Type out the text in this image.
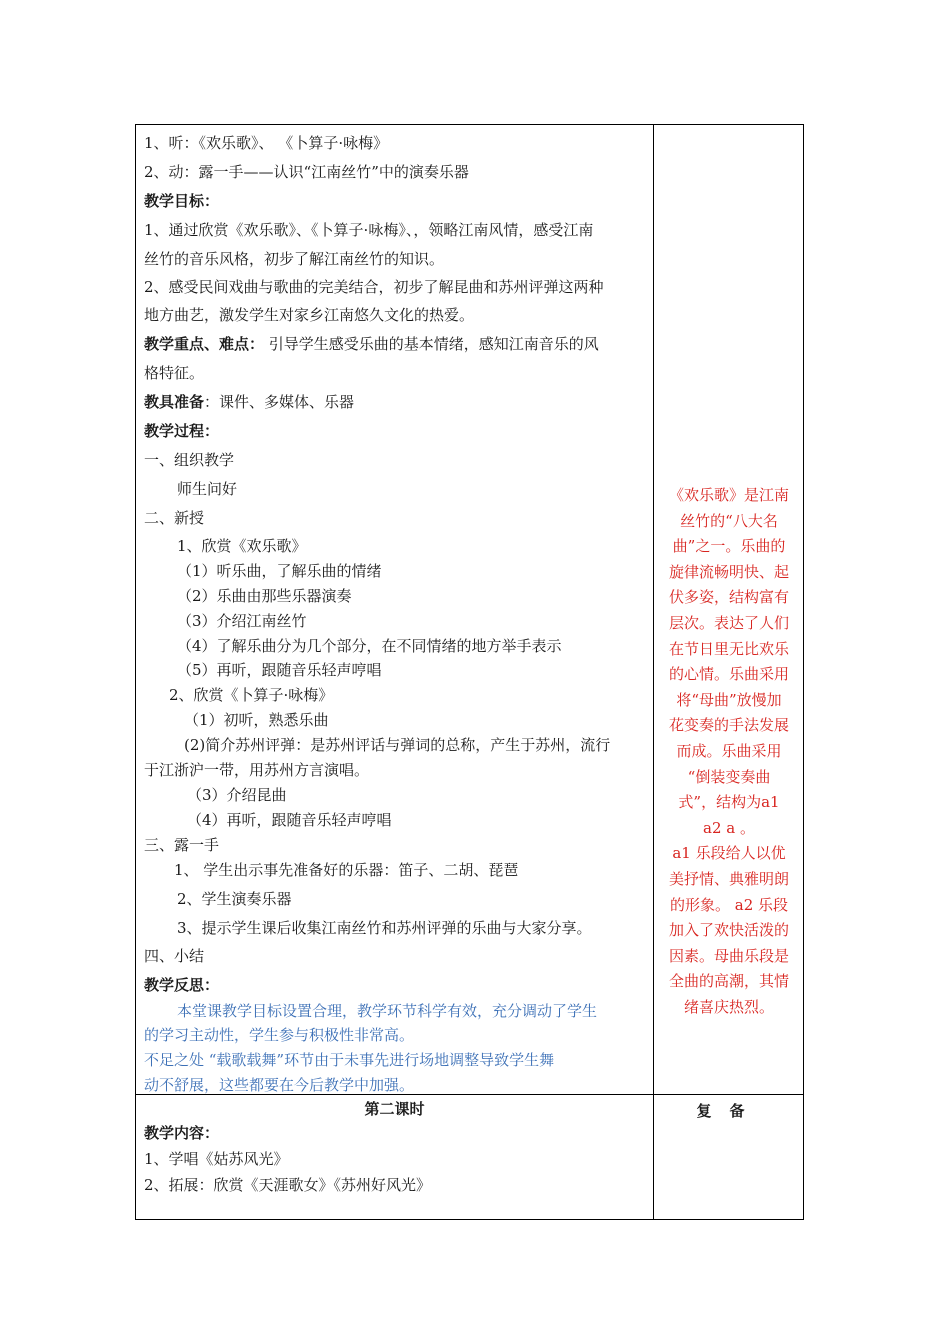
1、听：《欢乐歌》、 《卜算子·咏梅》
2、动：露一手——认识“江南丝竹”中的演奏乐器
教学目标：
1、通过欣赏《欢乐歌》、《卜算子·咏梅》、，领略江南风情，感受江南
丝竹的音乐风格，初步了解江南丝竹的知识。
2、感受民间戏曲与歌曲的完美结合，初步了解昆曲和苏州评弹这两种
地方曲艺，激发学生对家乡江南悠久文化的热爱。
教学重点、难点： 引导学生感受乐曲的基本情绪，感知江南音乐的风
格特征。
教具准备：课件、多媒体、乐器
教学过程：
一、组织教学
师生问好
二、新授
1、欣赏《欢乐歌》
（1）听乐曲，了解乐曲的情绪
（2）乐曲由那些乐器演奏
（3）介绍江南丝竹
（4）了解乐曲分为几个部分，在不同情绪的地方举手表示
（5）再听，跟随音乐轻声哼唱
2、欣赏《卜算子·咏梅》
（1）初听，熟悉乐曲
(2)简介苏州评弹：是苏州评话与弹词的总称，产生于苏州，流行
于江浙沪一带，用苏州方言演唱。
（3）介绍昆曲
（4）再听，跟随音乐轻声哼唱
三、露一手
1、 学生出示事先准备好的乐器：笛子、二胡、琵琶
2、学生演奏乐器
3、提示学生课后收集江南丝竹和苏州评弹的乐曲与大家分享。
四、小结
教学反思：
本堂课教学目标设置合理，教学环节科学有效，充分调动了学生
的学习主动性，学生参与积极性非常高。
不足之处 “载歌载舞”环节由于未事先进行场地调整导致学生舞
动不舒展，这些都要在今后教学中加强。

《欢乐歌》是江南

丝竹的“八大名

曲”之一。乐曲的

旋律流畅明快、起

伏多姿，结构富有

层次。表达了人们

在节日里无比欢乐

的心情。乐曲采用

将“母曲”放慢加

花变奏的手法发展

而成。乐曲采用

“倒装变奏曲

式”，结构为a1

a2 a 。

a1 乐段给人以优

美抒情、典雅明朗

的形象。 a2 乐段

加入了欢快活泼的

因素。母曲乐段是

全曲的高潮，其情

绪喜庆热烈。

第二课时	复备
教学内容：
1、学唱《姑苏风光》
2、拓展：欣赏《天涯歌女》《苏州好风光》
